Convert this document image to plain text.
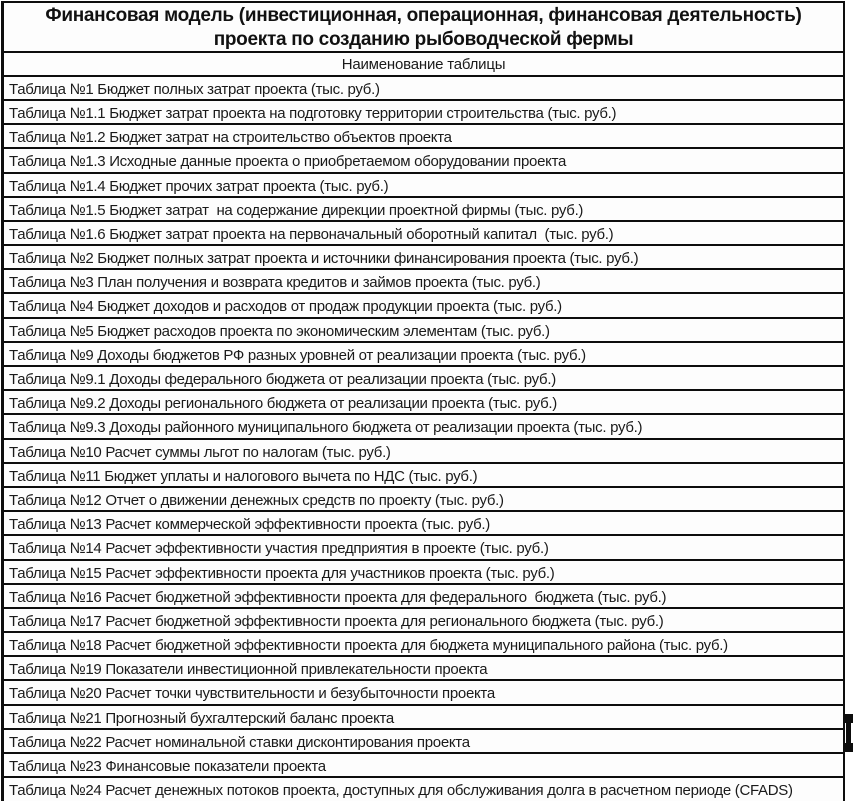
Финансовая модель (инвестиционная, операционная, финансовая деятельность) проекта по созданию рыбоводческой фермы
Наименование таблицы
Таблица №1 Бюджет полных затрат проекта (тыс. руб.)
Таблица №1.1 Бюджет затрат проекта на подготовку территории строительства (тыс. руб.)
Таблица №1.2 Бюджет затрат на строительство объектов проекта
Таблица №1.3 Исходные данные проекта о приобретаемом оборудовании проекта
Таблица №1.4 Бюджет прочих затрат проекта (тыс. руб.)
Таблица №1.5 Бюджет затрат  на содержание дирекции проектной фирмы (тыс. руб.)
Таблица №1.6 Бюджет затрат проекта на первоначальный оборотный капитал  (тыс. руб.)
Таблица №2 Бюджет полных затрат проекта и источники финансирования проекта (тыс. руб.)
Таблица №3 План получения и возврата кредитов и займов проекта (тыс. руб.)
Таблица №4 Бюджет доходов и расходов от продаж продукции проекта (тыс. руб.)
Таблица №5 Бюджет расходов проекта по экономическим элементам (тыс. руб.)
Таблица №9 Доходы бюджетов РФ разных уровней от реализации проекта (тыс. руб.)
Таблица №9.1 Доходы федерального бюджета от реализации проекта (тыс. руб.)
Таблица №9.2 Доходы регионального бюджета от реализации проекта (тыс. руб.)
Таблица №9.3 Доходы районного муниципального бюджета от реализации проекта (тыс. руб.)
Таблица №10 Расчет суммы льгот по налогам (тыс. руб.)
Таблица №11 Бюджет уплаты и налогового вычета по НДС (тыс. руб.)
Таблица №12 Отчет о движении денежных средств по проекту (тыс. руб.)
Таблица №13 Расчет коммерческой эффективности проекта (тыс. руб.)
Таблица №14 Расчет эффективности участия предприятия в проекте (тыс. руб.)
Таблица №15 Расчет эффективности проекта для участников проекта (тыс. руб.)
Таблица №16 Расчет бюджетной эффективности проекта для федерального  бюджета (тыс. руб.)
Таблица №17 Расчет бюджетной эффективности проекта для регионального бюджета (тыс. руб.)
Таблица №18 Расчет бюджетной эффективности проекта для бюджета муниципального района (тыс. руб.)
Таблица №19 Показатели инвестиционной привлекательности проекта
Таблица №20 Расчет точки чувствительности и безубыточности проекта
Таблица №21 Прогнозный бухгалтерский баланс проекта
Таблица №22 Расчет номинальной ставки дисконтирования проекта
Таблица №23 Финансовые показатели проекта
Таблица №24 Расчет денежных потоков проекта, доступных для обслуживания долга в расчетном периоде (CFADS)
